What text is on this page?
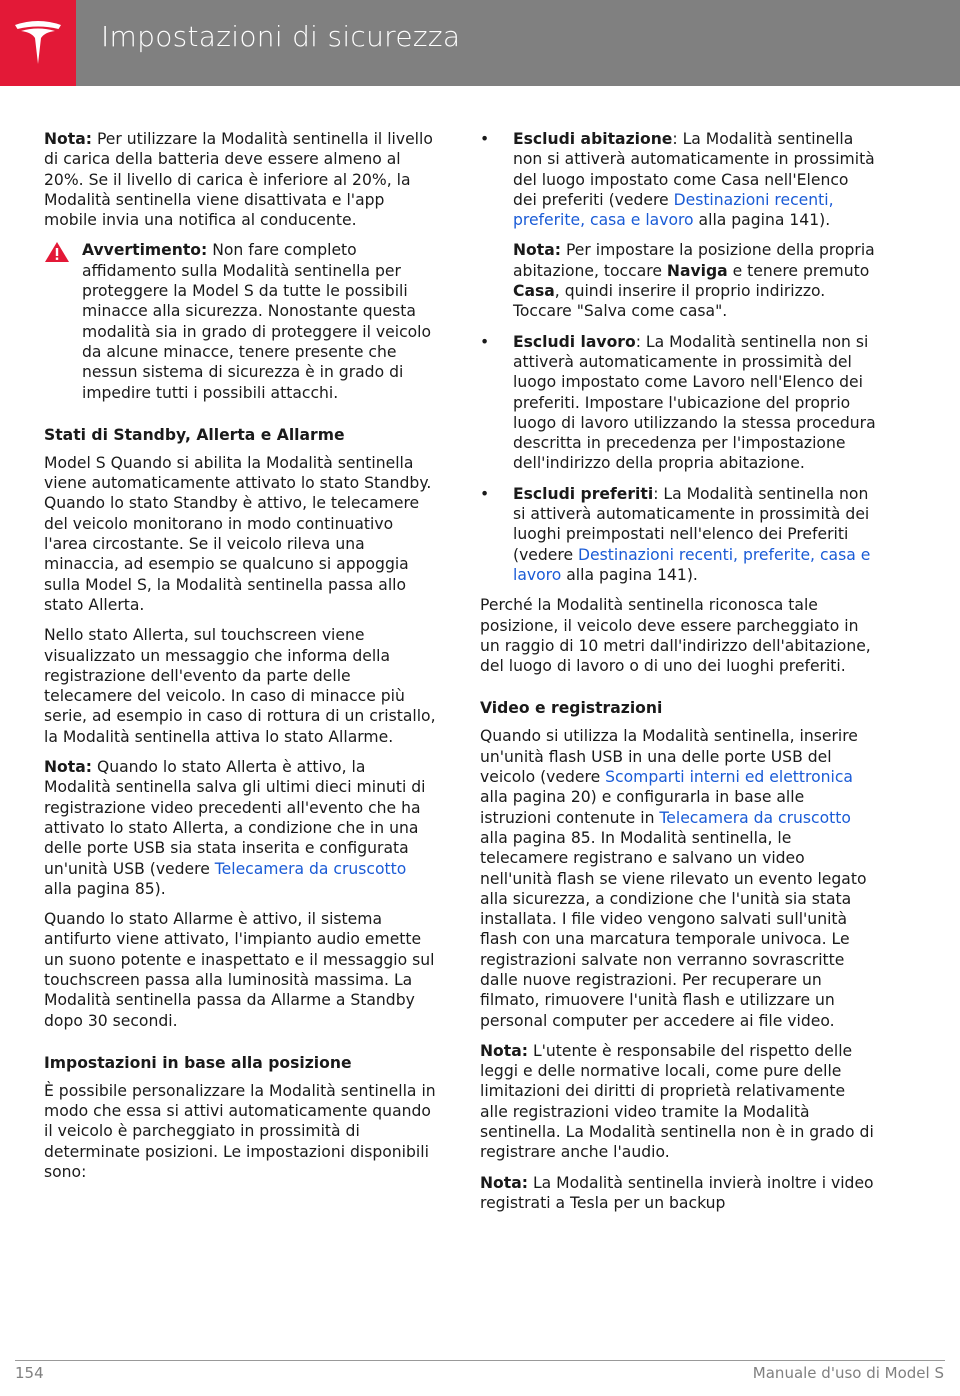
Impostazioni di sicurezza

Nota: Per utilizzare la Modalità sentinella il livello di carica della batteria deve essere almeno al 20%. Se il livello di carica è inferiore al 20%, la Modalità sentinella viene disattivata e l'app mobile invia una notifica al conducente.

Avvertimento: Non fare completo affidamento sulla Modalità sentinella per proteggere la Model S da tutte le possibili minacce alla sicurezza. Nonostante questa modalità sia in grado di proteggere il veicolo da alcune minacce, tenere presente che nessun sistema di sicurezza è in grado di impedire tutti i possibili attacchi.
Stati di Standby, Allerta e Allarme

Model S Quando si abilita la Modalità sentinella viene automaticamente attivato lo stato Standby. Quando lo stato Standby è attivo, le telecamere del veicolo monitorano in modo continuativo l'area circostante. Se il veicolo rileva una minaccia, ad esempio se qualcuno si appoggia sulla Model S, la Modalità sentinella passa allo stato Allerta.

Nello stato Allerta, sul touchscreen viene visualizzato un messaggio che informa della registrazione dell'evento da parte delle telecamere del veicolo. In caso di minacce più serie, ad esempio in caso di rottura di un cristallo, la Modalità sentinella attiva lo stato Allarme.

Nota: Quando lo stato Allerta è attivo, la Modalità sentinella salva gli ultimi dieci minuti di registrazione video precedenti all'evento che ha attivato lo stato Allerta, a condizione che in una delle porte USB sia stata inserita e configurata un'unità USB (vedere Telecamera da cruscotto alla pagina 85).

Quando lo stato Allarme è attivo, il sistema antifurto viene attivato, l'impianto audio emette un suono potente e inaspettato e il messaggio sul touchscreen passa alla luminosità massima. La Modalità sentinella passa da Allarme a Standby dopo 30 secondi.

Impostazioni in base alla posizione

È possibile personalizzare la Modalità sentinella in modo che essa si attivi automaticamente quando il veicolo è parcheggiato in prossimità di determinate posizioni. Le impostazioni disponibili sono:

• Escludi abitazione: La Modalità sentinella non si attiverà automaticamente in prossimità del luogo impostato come Casa nell'Elenco dei preferiti (vedere Destinazioni recenti, preferite, casa e lavoro alla pagina 141).

Nota: Per impostare la posizione della propria abitazione, toccare Naviga e tenere premuto Casa, quindi inserire il proprio indirizzo. Toccare "Salva come casa".

• Escludi lavoro: La Modalità sentinella non si attiverà automaticamente in prossimità del luogo impostato come Lavoro nell'Elenco dei preferiti. Impostare l'ubicazione del proprio luogo di lavoro utilizzando la stessa procedura descritta in precedenza per l'impostazione dell'indirizzo della propria abitazione.
• Escludi preferiti: La Modalità sentinella non si attiverà automaticamente in prossimità dei luoghi preimpostati nell'elenco dei Preferiti (vedere Destinazioni recenti, preferite, casa e lavoro alla pagina 141).

Perché la Modalità sentinella riconosca tale posizione, il veicolo deve essere parcheggiato in un raggio di 10 metri dall'indirizzo dell'abitazione, del luogo di lavoro o di uno dei luoghi preferiti.

Video e registrazioni

Quando si utilizza la Modalità sentinella, inserire un'unità flash USB in una delle porte USB del veicolo (vedere Scomparti interni ed elettronica alla pagina 20) e configurarla in base alle istruzioni contenute in Telecamera da cruscotto alla pagina 85. In Modalità sentinella, le telecamere registrano e salvano un video nell'unità flash se viene rilevato un evento legato alla sicurezza, a condizione che l'unità sia stata installata. I file video vengono salvati sull'unità flash con una marcatura temporale univoca. Le registrazioni salvate non verranno sovrascritte dalle nuove registrazioni. Per recuperare un filmato, rimuovere l'unità flash e utilizzare un personal computer per accedere ai file video.

Nota: L'utente è responsabile del rispetto delle leggi e delle normative locali, come pure delle limitazioni dei diritti di proprietà relativamente alle registrazioni video tramite la Modalità sentinella. La Modalità sentinella non è in grado di registrare anche l'audio.

Nota: La Modalità sentinella invierà inoltre i video registrati a Tesla per un backup

154	Manuale d'uso di Model S
